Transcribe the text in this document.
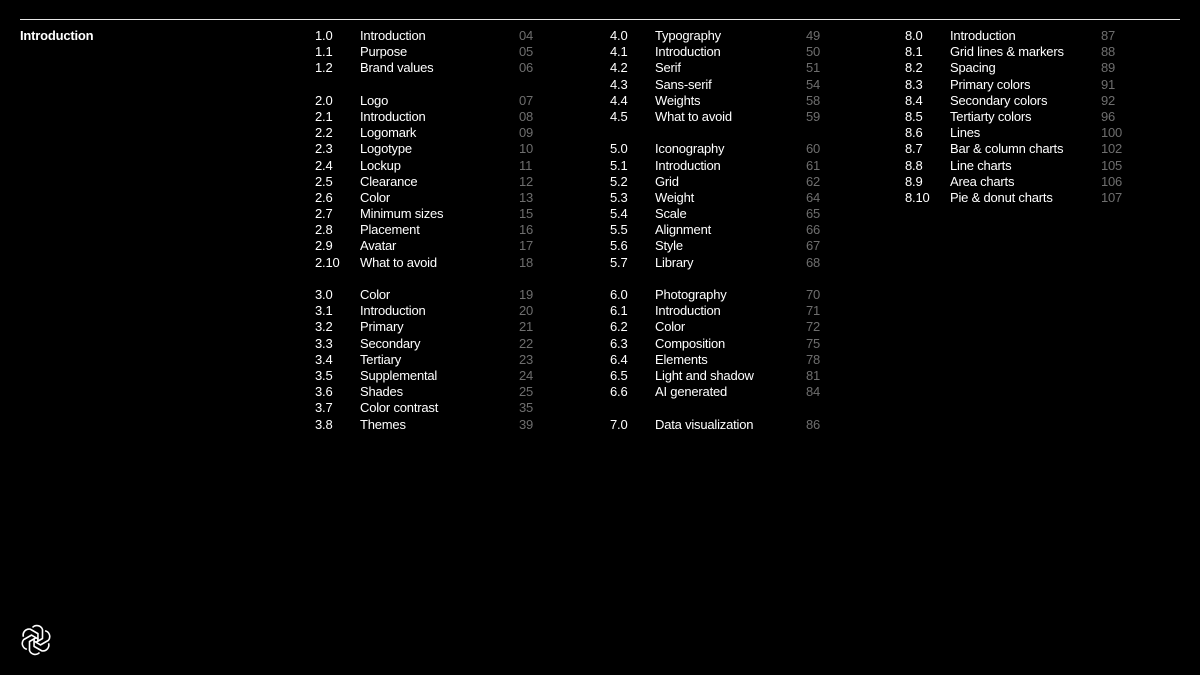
Introduction	1.0 Introduction	04
1.1 Purpose	05
1.2 Brand values	06
2.0 Logo	07
2.1 Introduction	08
2.2 Logomark	09
2.3 Logotype	10
2.4 Lockup	11
2.5 Clearance	12
2.6 Color	13
2.7 Minimum sizes	15
2.8 Placement	16
2.9 Avatar	17
2.10 What to avoid	18
3.0 Color	19
3.1 Introduction	20
3.2 Primary	21
3.3 Secondary	22
3.4 Tertiary	23
3.5 Supplemental	24
3.6 Shades	25
3.7 Color contrast	35
3.8 Themes	39
4.0 Typography	49
4.1 Introduction	50
4.2 Serif	51
4.3 Sans-serif	54
4.4 Weights	58
4.5 What to avoid	59
5.0 Iconography	60
5.1 Introduction	61
5.2 Grid	62
5.3 Weight	64
5.4 Scale	65
5.5 Alignment	66
5.6 Style	67
5.7 Library	68
6.0 Photography	70
6.1 Introduction	71
6.2 Color	72
6.3 Composition	75
6.4 Elements	78
6.5 Light and shadow	81
6.6 AI generated	84
7.0 Data visualization	86
8.0 Introduction	87
8.1 Grid lines & markers	88
8.2 Spacing	89
8.3 Primary colors	91
8.4 Secondary colors	92
8.5 Tertiarty colors	96
8.6 Lines	100
8.7 Bar & column charts	102
8.8 Line charts	105
8.9 Area charts	106
8.10 Pie & donut charts	107
